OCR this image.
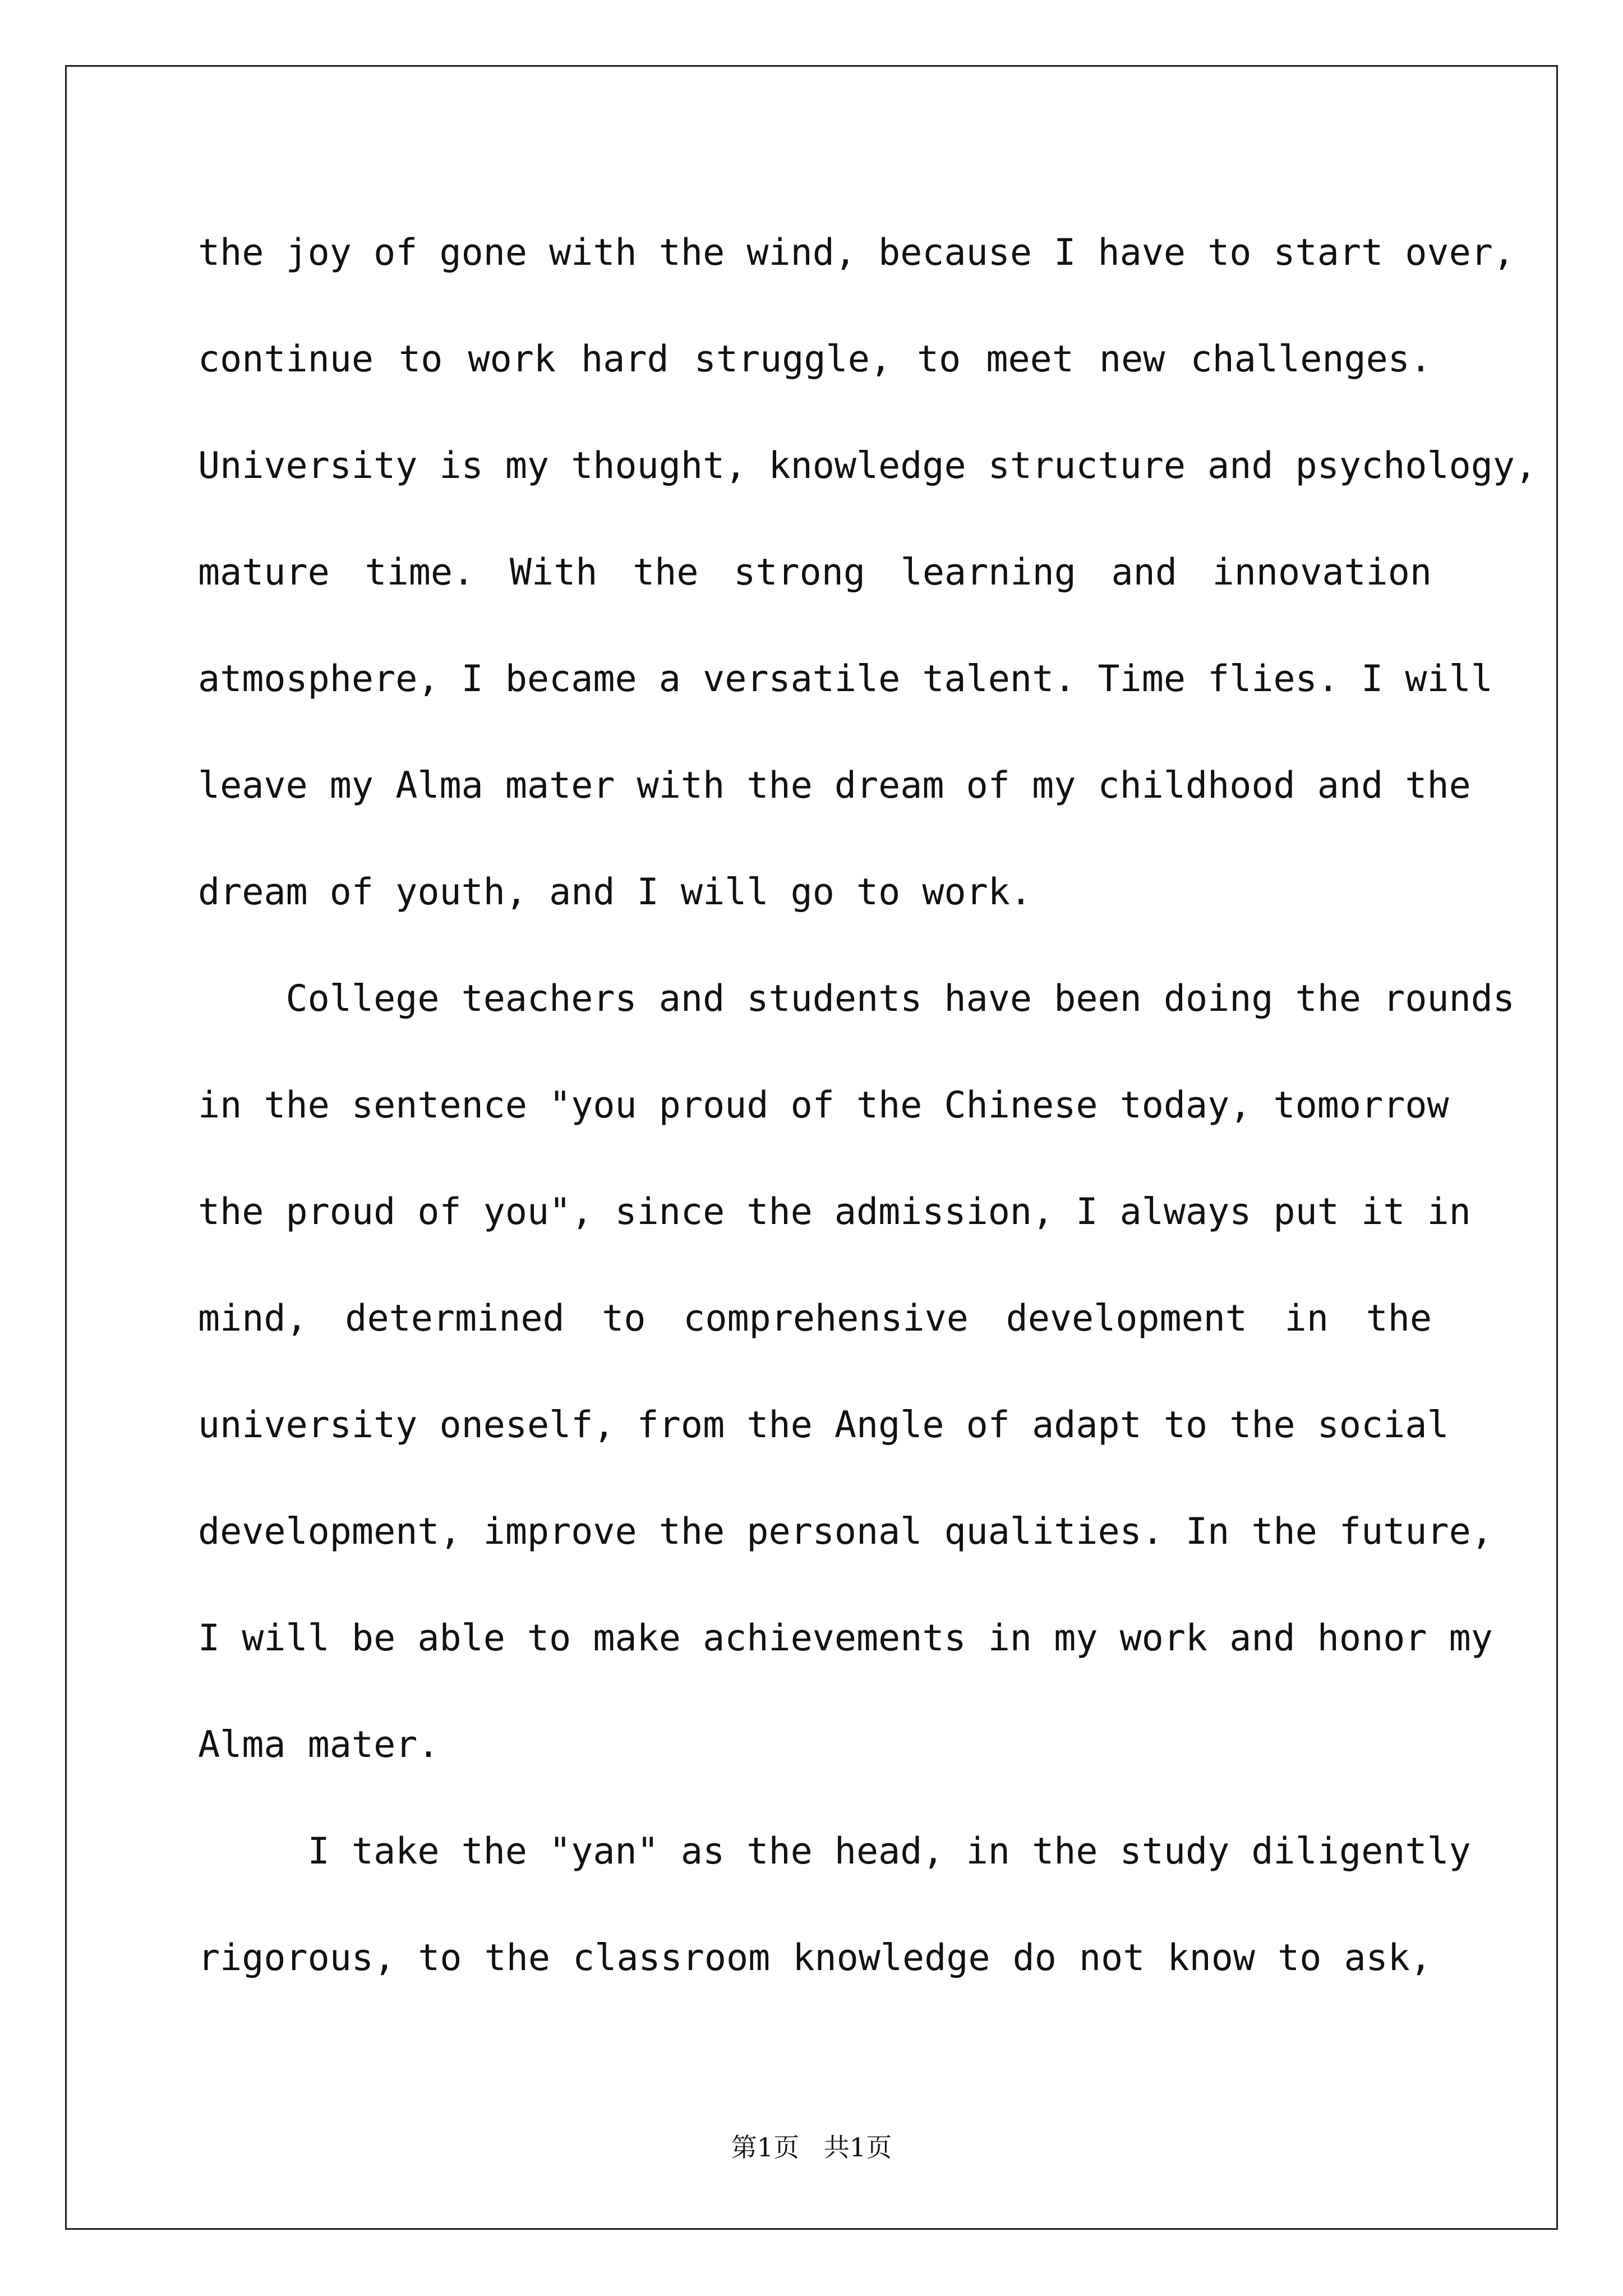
the joy of gone with the wind, because I have to start over,
continue to work hard struggle, to meet new challenges.
University is my thought, knowledge structure and psychology,
mature time. With the strong learning and innovation
atmosphere, I became a versatile talent. Time flies. I will
leave my Alma mater with the dream of my childhood and the
dream of youth, and I will go to work.
College teachers and students have been doing the rounds
in the sentence "you proud of the Chinese today, tomorrow
the proud of you", since the admission, I always put it in
mind, determined to comprehensive development in the
university oneself, from the Angle of adapt to the social
development, improve the personal qualities. In the future,
I will be able to make achievements in my work and honor my
Alma mater.
I take the "yan" as the head, in the study diligently
rigorous, to the classroom knowledge do not know to ask,
第1页   共1页
